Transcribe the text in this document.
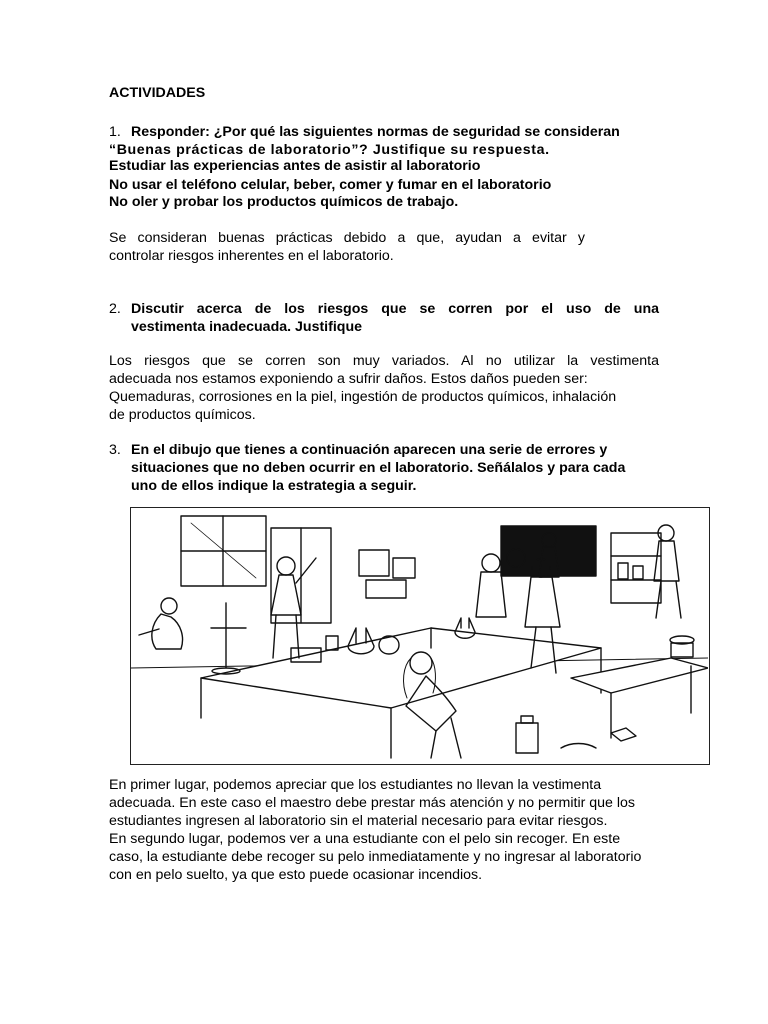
ACTIVIDADES
1. Responder: ¿Por qué las siguientes normas de seguridad se consideran
“Buenas prácticas de laboratorio”? Justifique su respuesta.
Estudiar las experiencias antes de asistir al laboratorio
No usar el teléfono celular, beber, comer y fumar en el laboratorio
No oler y probar los productos químicos de trabajo.
Se consideran buenas prácticas debido a que, ayudan a evitar y
controlar riesgos inherentes en el laboratorio.
2. Discutir acerca de los riesgos que se corren por el uso de una
vestimenta inadecuada. Justifique
Los riesgos que se corren son muy variados. Al no utilizar la vestimenta
adecuada nos estamos exponiendo a sufrir daños. Estos daños pueden ser:
Quemaduras, corrosiones en la piel, ingestión de productos químicos, inhalación
de productos químicos.
3. En el dibujo que tienes a continuación aparecen una serie de errores y
situaciones que no deben ocurrir en el laboratorio. Señálalos y para cada
uno de ellos indique la estrategia a seguir.
En primer lugar, podemos apreciar que los estudiantes no llevan la vestimenta
adecuada. En este caso el maestro debe prestar más atención y no permitir que los
estudiantes ingresen al laboratorio sin el material necesario para evitar riesgos.
En segundo lugar, podemos ver a una estudiante con el pelo sin recoger. En este
caso, la estudiante debe recoger su pelo inmediatamente y no ingresar al laboratorio
con en pelo suelto, ya que esto puede ocasionar incendios.
